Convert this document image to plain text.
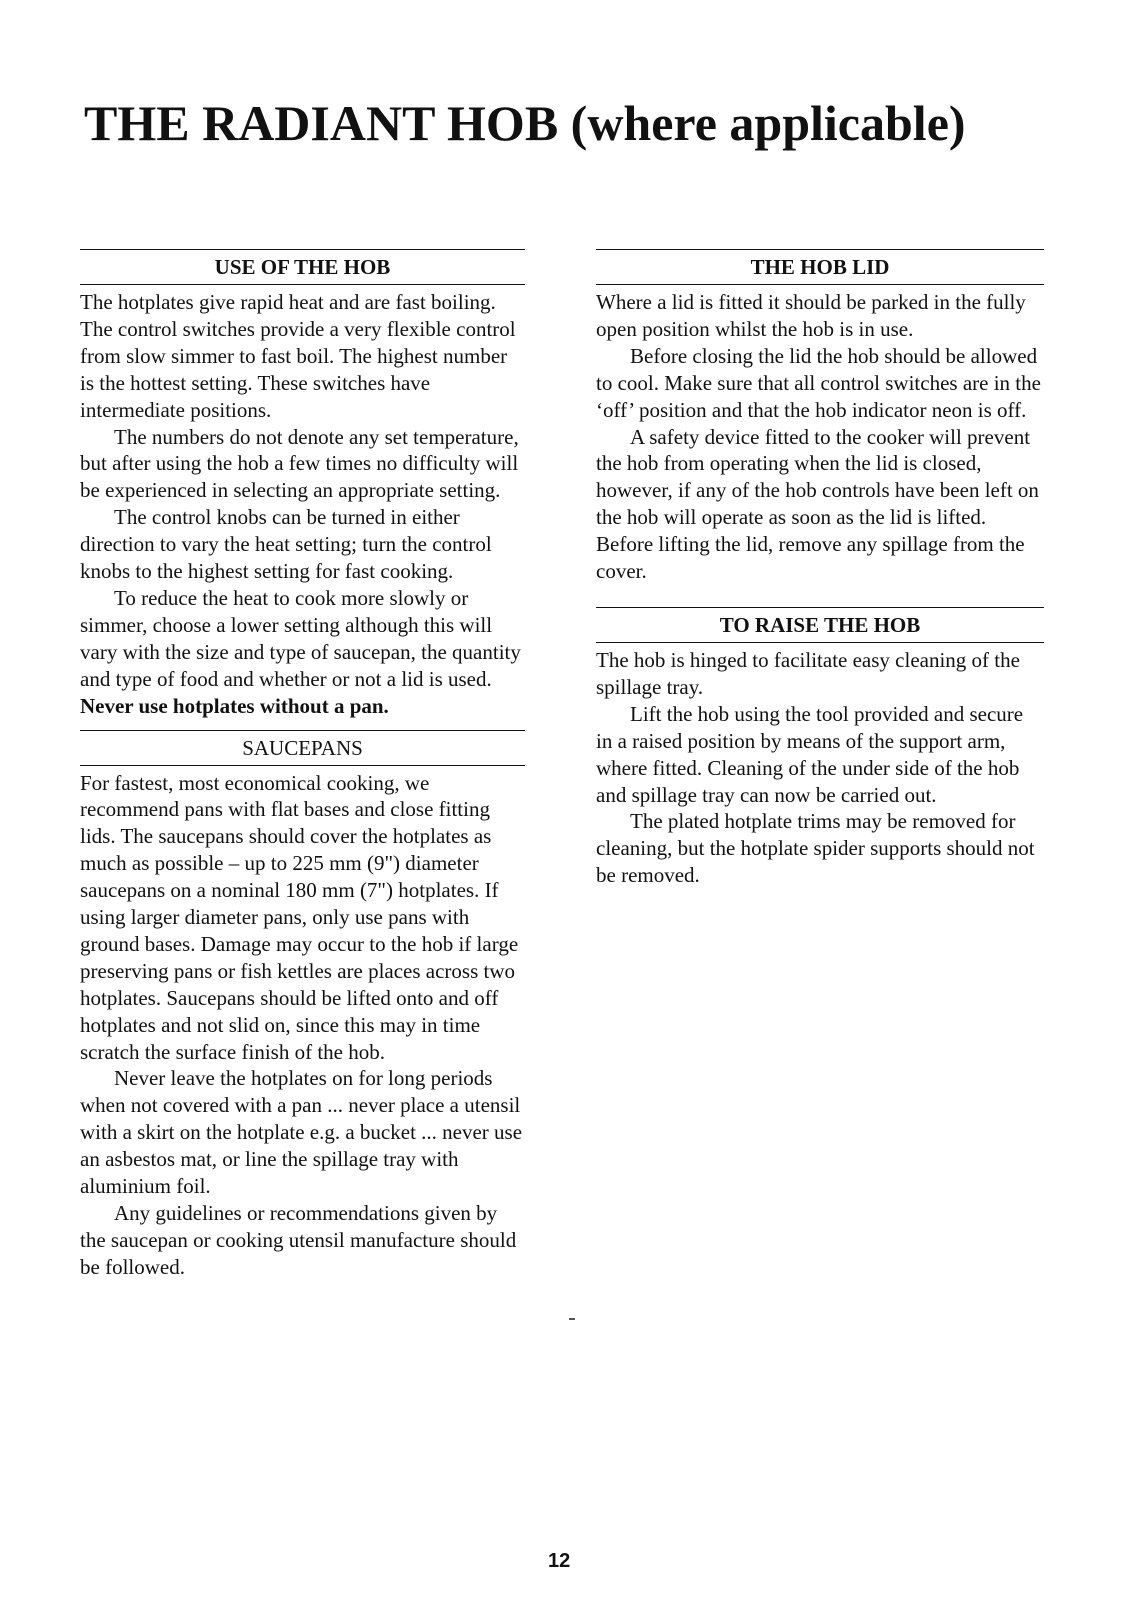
THE RADIANT HOB (where applicable)
USE OF THE HOB

The hotplates give rapid heat and are fast boiling. The control switches provide a very flexible control from slow simmer to fast boil. The highest number is the hottest setting. These switches have intermediate positions.

The numbers do not denote any set temperature, but after using the hob a few times no difficulty will be experienced in selecting an appropriate setting.

The control knobs can be turned in either direction to vary the heat setting; turn the control knobs to the highest setting for fast cooking.

To reduce the heat to cook more slowly or simmer, choose a lower setting although this will vary with the size and type of saucepan, the quantity and type of food and whether or not a lid is used.

Never use hotplates without a pan.

SAUCEPANS

For fastest, most economical cooking, we recommend pans with flat bases and close fitting lids. The saucepans should cover the hotplates as much as possible – up to 225 mm (9") diameter saucepans on a nominal 180 mm (7") hotplates. If using larger diameter pans, only use pans with ground bases. Damage may occur to the hob if large preserving pans or fish kettles are places across two hotplates. Saucepans should be lifted onto and off hotplates and not slid on, since this may in time scratch the surface finish of the hob.

Never leave the hotplates on for long periods when not covered with a pan ... never place a utensil with a skirt on the hotplate e.g. a bucket ... never use an asbestos mat, or line the spillage tray with aluminium foil.

Any guidelines or recommendations given by the saucepan or cooking utensil manufacture should be followed.

THE HOB LID

Where a lid is fitted it should be parked in the fully open position whilst the hob is in use.

Before closing the lid the hob should be allowed to cool. Make sure that all control switches are in the ‘off’ position and that the hob indicator neon is off.

A safety device fitted to the cooker will prevent the hob from operating when the lid is closed, however, if any of the hob controls have been left on the hob will operate as soon as the lid is lifted. Before lifting the lid, remove any spillage from the cover.

TO RAISE THE HOB

The hob is hinged to facilitate easy cleaning of the spillage tray.

Lift the hob using the tool provided and secure in a raised position by means of the support arm, where fitted. Cleaning of the under side of the hob and spillage tray can now be carried out.

The plated hotplate trims may be removed for cleaning, but the hotplate spider supports should not be removed.

12
